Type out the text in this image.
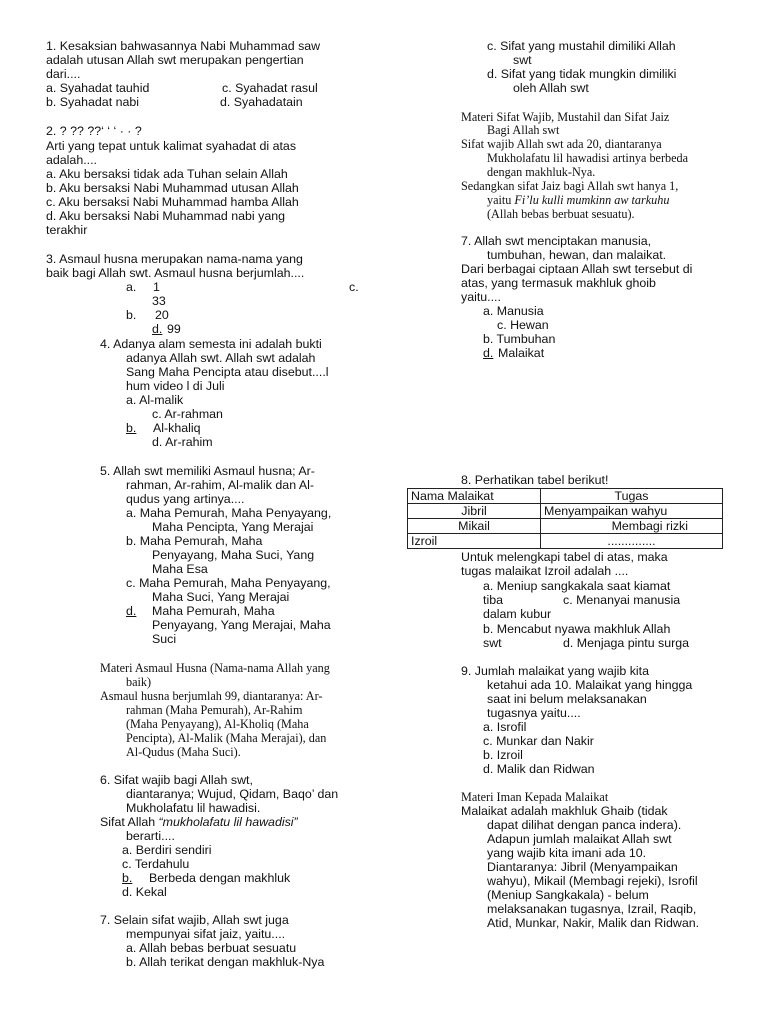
1. Kesaksian bahwasannya Nabi Muhammad saw
adalah utusan Allah swt merupakan pengertian
dari....
a. Syahadat tauhid	c. Syahadat rasul
b. Syahadat nabi	d. Syahadatain
2. ? ?? ??‘ ‘ ‘ · · ?
Arti yang tepat untuk kalimat syahadat di atas
adalah....
a. Aku bersaksi tidak ada Tuhan selain Allah
b. Aku bersaksi Nabi Muhammad utusan Allah
c. Aku bersaksi Nabi Muhammad hamba Allah
d. Aku bersaksi Nabi Muhammad nabi yang
terakhir
3. Asmaul husna merupakan nama-nama yang
baik bagi Allah swt. Asmaul husna berjumlah....
a. 1	c.
33
b. 20
d. 99
4. Adanya alam semesta ini adalah bukti
adanya Allah swt. Allah swt adalah
Sang Maha Pencipta atau disebut....l
hum video l di Juli
a. Al-malik
c. Ar-rahman
b. Al-khaliq
d. Ar-rahim
5. Allah swt memiliki Asmaul husna; Ar-
rahman, Ar-rahim, Al-malik dan Al-
qudus yang artinya....
a. Maha Pemurah, Maha Penyayang,
Maha Pencipta, Yang Merajai
b. Maha Pemurah, Maha
Penyayang, Maha Suci, Yang
Maha Esa
c. Maha Pemurah, Maha Penyayang,
Maha Suci, Yang Merajai
d. Maha Pemurah, Maha
Penyayang, Yang Merajai, Maha
Suci
Materi Asmaul Husna (Nama-nama Allah yang
baik)
Asmaul husna berjumlah 99, diantaranya: Ar-
rahman (Maha Pemurah), Ar-Rahim
(Maha Penyayang), Al-Kholiq (Maha
Pencipta), Al-Malik (Maha Merajai), dan
Al-Qudus (Maha Suci).
6. Sifat wajib bagi Allah swt,
diantaranya; Wujud, Qidam, Baqo’ dan
Mukholafatu lil hawadisi.
Sifat Allah “mukholafatu lil hawadisi”
berarti....
a. Berdiri sendiri
c. Terdahulu
b. Berbeda dengan makhluk
d. Kekal
7. Selain sifat wajib, Allah swt juga
mempunyai sifat jaiz, yaitu....
a. Allah bebas berbuat sesuatu
b. Allah terikat dengan makhluk-Nya
c. Sifat yang mustahil dimiliki Allah
swt
d. Sifat yang tidak mungkin dimiliki
oleh Allah swt
Materi Sifat Wajib, Mustahil dan Sifat Jaiz
Bagi Allah swt
Sifat wajib Allah swt ada 20, diantaranya
Mukholafatu lil hawadisi artinya berbeda
dengan makhluk-Nya.
Sedangkan sifat Jaiz bagi Allah swt hanya 1,
yaitu Fi’lu kulli mumkinn aw tarkuhu
(Allah bebas berbuat sesuatu).
7. Allah swt menciptakan manusia,
tumbuhan, hewan, dan malaikat.
Dari berbagai ciptaan Allah swt tersebut di
atas, yang termasuk makhluk ghoib
yaitu....
a. Manusia
c. Hewan
b. Tumbuhan
d. Malaikat
8. Perhatikan tabel berikut!
Nama Malaikat	Tugas
Jibril	Menyampaikan wahyu
Mikail	Membagi rizki
Izroil	..............
Untuk melengkapi tabel di atas, maka
tugas malaikat Izroil adalah ....
a. Meniup sangkakala saat kiamat
tiba	c. Menanyai manusia
dalam kubur
b. Mencabut nyawa makhluk Allah
swt	d. Menjaga pintu surga
9. Jumlah malaikat yang wajib kita
ketahui ada 10. Malaikat yang hingga
saat ini belum melaksanakan
tugasnya yaitu....
a. Isrofil
c. Munkar dan Nakir
b. Izroil
d. Malik dan Ridwan
Materi Iman Kepada Malaikat
Malaikat adalah makhluk Ghaib (tidak
dapat dilihat dengan panca indera).
Adapun jumlah malaikat Allah swt
yang wajib kita imani ada 10.
Diantaranya: Jibril (Menyampaikan
wahyu), Mikail (Membagi rejeki), Isrofil
(Meniup Sangkakala) - belum
melaksanakan tugasnya, Izrail, Raqib,
Atid, Munkar, Nakir, Malik dan Ridwan.
